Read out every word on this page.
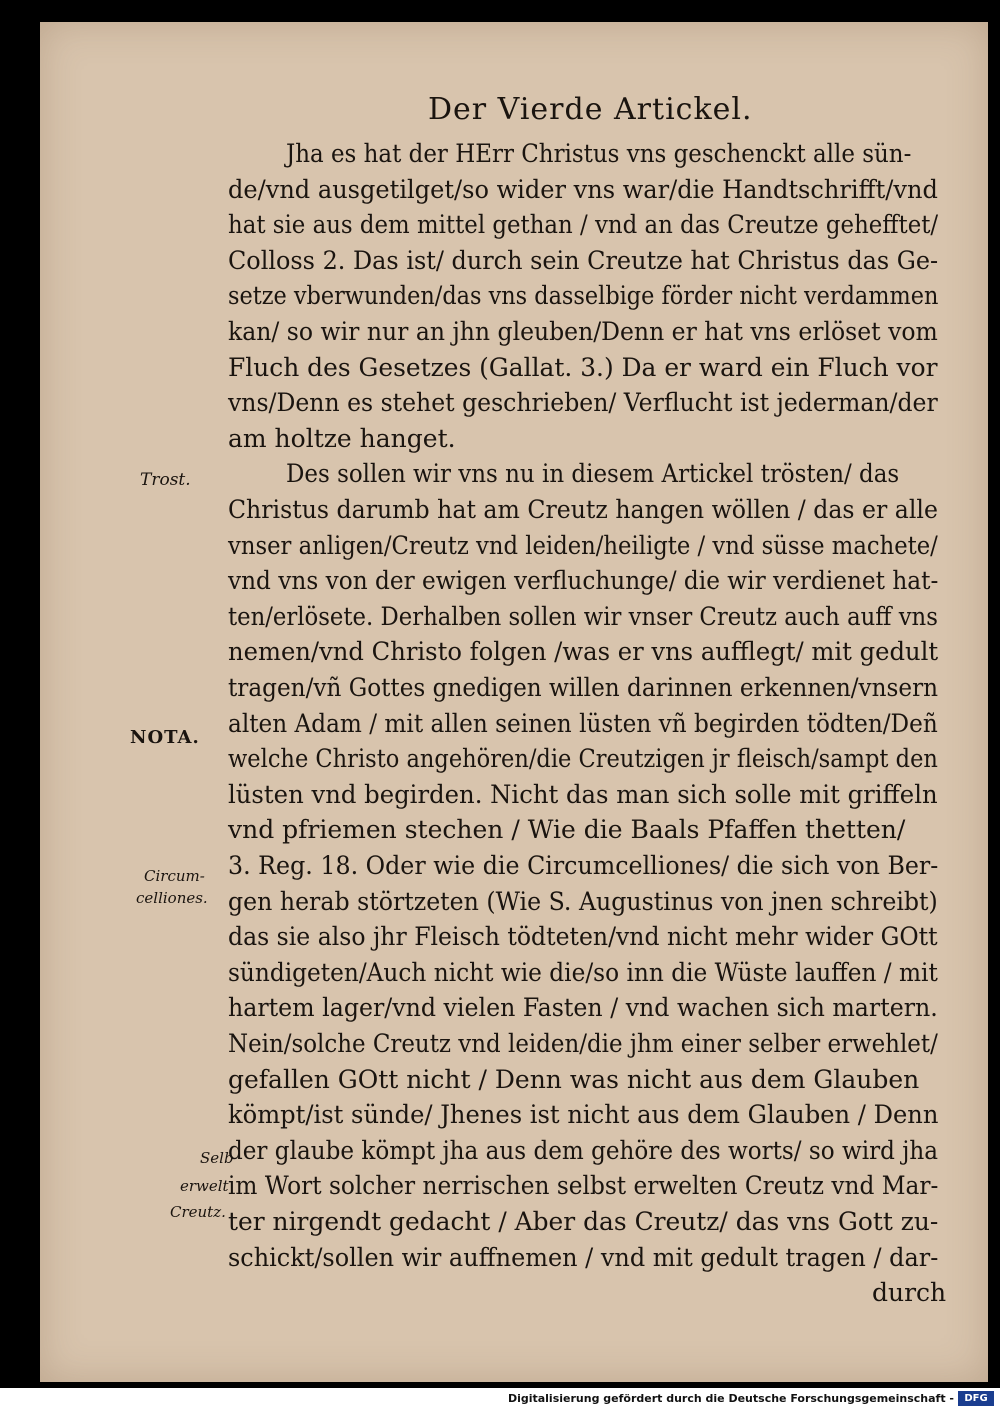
Der Vierde Artickel.
Jha es hat der HErr Christus vns geschenckt alle sün-
de/vnd ausgetilget/so wider vns war/die Handtschrifft/vnd
hat sie aus dem mittel gethan / vnd an das Creutze gehefftet/
Colloss 2. Das ist/ durch sein Creutze hat Christus das Ge-
setze vberwunden/das vns dasselbige förder nicht verdammen
kan/ so wir nur an jhn gleuben/Denn er hat vns erlöset vom
Fluch des Gesetzes (Gallat. 3.) Da er ward ein Fluch vor
vns/Denn es stehet geschrieben/ Verflucht ist jederman/der
am holtze hanget.
Des sollen wir vns nu in diesem Artickel trösten/ das
Christus darumb hat am Creutz hangen wöllen / das er alle
vnser anligen/Creutz vnd leiden/heiligte / vnd süsse machete/
vnd vns von der ewigen verfluchunge/ die wir verdienet hat-
ten/erlösete. Derhalben sollen wir vnser Creutz auch auff vns
nemen/vnd Christo folgen /was er vns aufflegt/ mit gedult
tragen/vñ Gottes gnedigen willen darinnen erkennen/vnsern
alten Adam / mit allen seinen lüsten vñ begirden tödten/Deñ
welche Christo angehören/die Creutzigen jr fleisch/sampt den
lüsten vnd begirden. Nicht das man sich solle mit griffeln
vnd pfriemen stechen / Wie die Baals Pfaffen thetten/
3. Reg. 18. Oder wie die Circumcelliones/ die sich von Ber-
gen herab störtzeten (Wie S. Augustinus von jnen schreibt)
das sie also jhr Fleisch tödteten/vnd nicht mehr wider GOtt
sündigeten/Auch nicht wie die/so inn die Wüste lauffen / mit
hartem lager/vnd vielen Fasten / vnd wachen sich martern.
Nein/solche Creutz vnd leiden/die jhm einer selber erwehlet/
gefallen GOtt nicht / Denn was nicht aus dem Glauben
kömpt/ist sünde/ Jhenes ist nicht aus dem Glauben / Denn
der glaube kömpt jha aus dem gehöre des worts/ so wird jha
im Wort solcher nerrischen selbst erwelten Creutz vnd Mar-
ter nirgendt gedacht / Aber das Creutz/ das vns Gott zu-
schickt/sollen wir auffnemen / vnd mit gedult tragen / dar-
durch
Trost.
NOTA.
Circum-
celliones.
Selb
erwelt
Creutz.
Digitalisierung gefördert durch die Deutsche Forschungsgemeinschaft -	DFG
